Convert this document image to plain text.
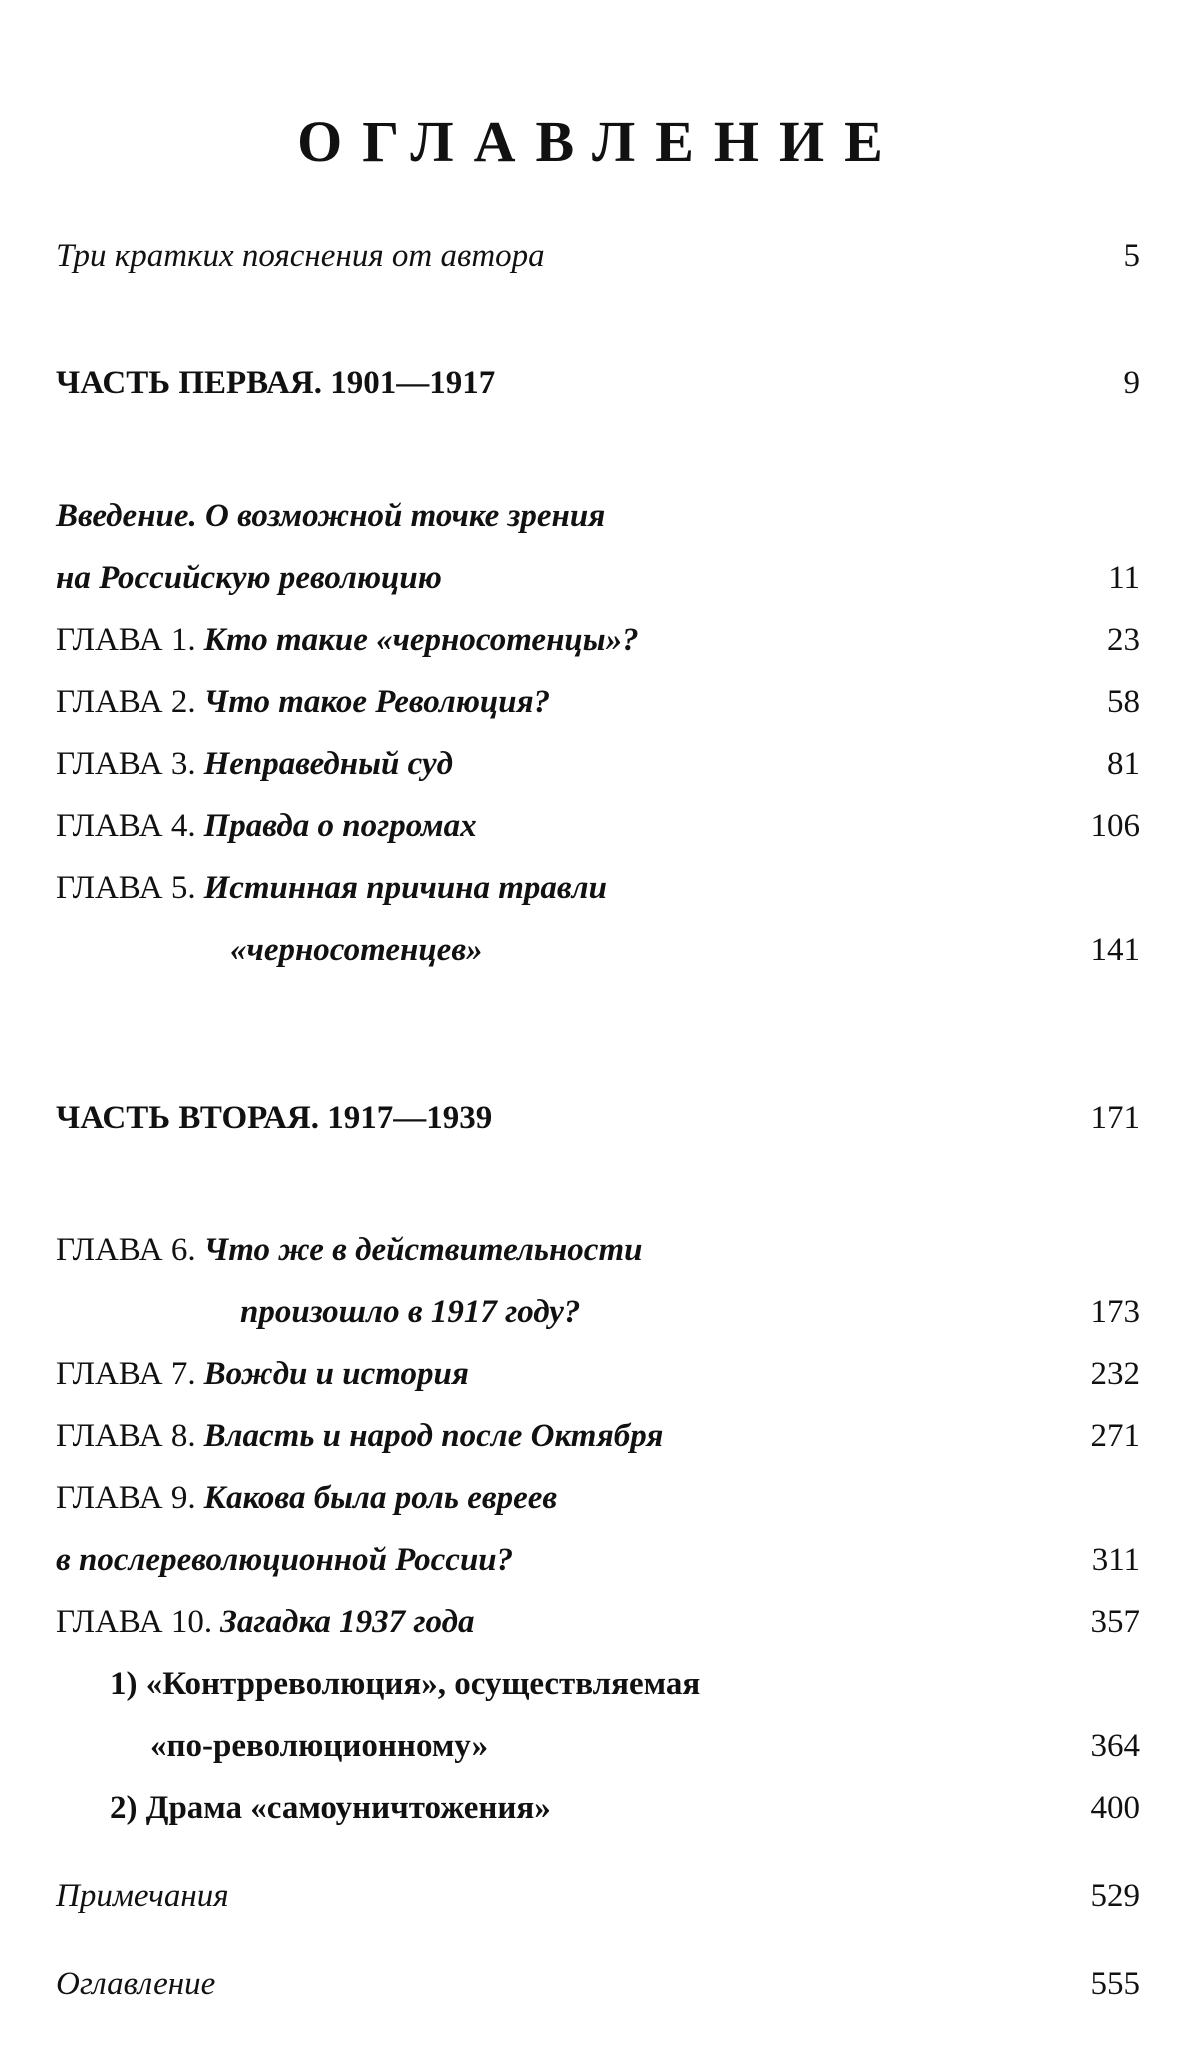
ОГЛАВЛЕНИЕ
Три кратких пояснения от автора	5
ЧАСТЬ ПЕРВАЯ. 1901—1917	9
Введение. О возможной точке зрения
на Российскую революцию	11
ГЛАВА 1. Кто такие «черносотенцы»?	23
ГЛАВА 2. Что такое Революция?	58
ГЛАВА 3. Неправедный суд	81
ГЛАВА 4. Правда о погромах	106
ГЛАВА 5. Истинная причина травли
«черносотенцев»	141
ЧАСТЬ ВТОРАЯ. 1917—1939	171
ГЛАВА 6. Что же в действительности
произошло в 1917 году?	173
ГЛАВА 7. Вожди и история	232
ГЛАВА 8. Власть и народ после Октября	271
ГЛАВА 9. Какова была роль евреев
в послереволюционной России?	311
ГЛАВА 10. Загадка 1937 года	357
1) «Контрреволюция», осуществляемая
«по-революционному»	364
2) Драма «самоуничтожения»	400
Примечания	529
Оглавление	555
